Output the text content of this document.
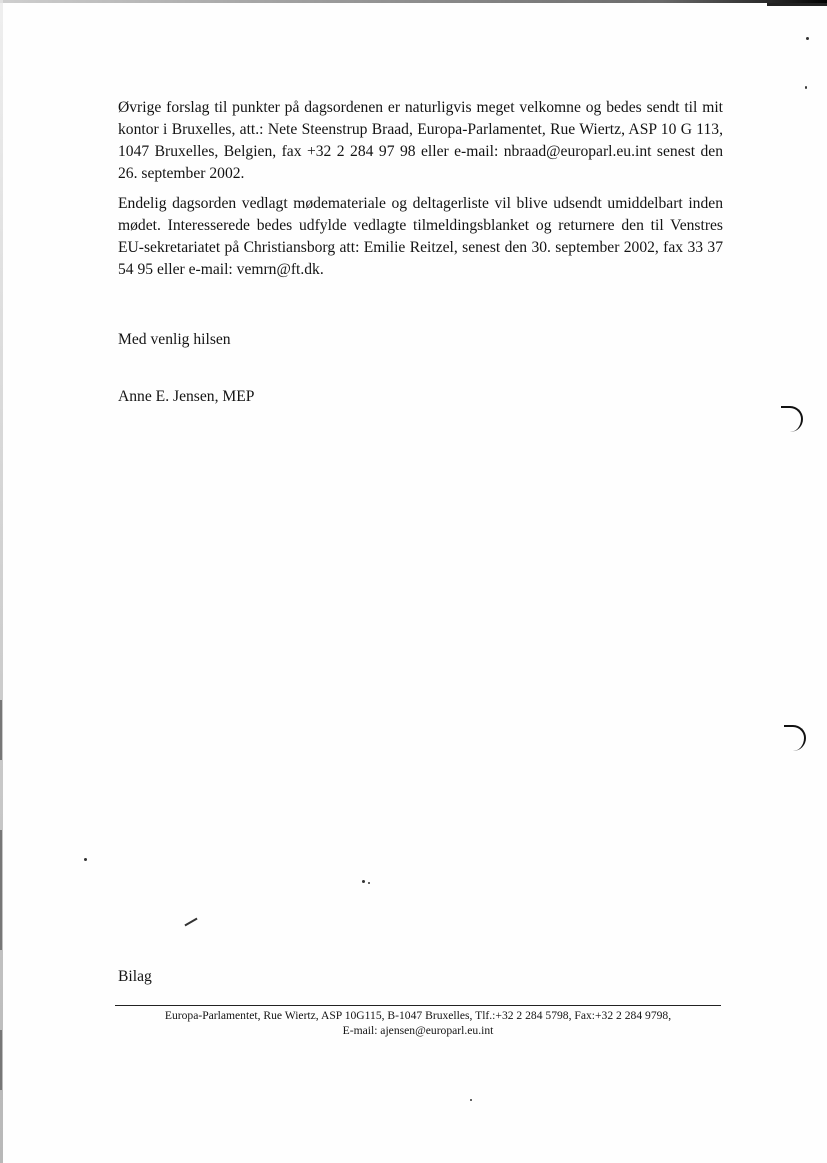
Øvrige forslag til punkter på dagsordenen er naturligvis meget velkomne og bedes sendt til mit kontor i Bruxelles, att.: Nete Steenstrup Braad, Europa-Parlamentet, Rue Wiertz, ASP 10 G 113, 1047 Bruxelles, Belgien, fax +32 2 284 97 98 eller e-mail: nbraad@europarl.eu.int senest den 26. september 2002.

Endelig dagsorden vedlagt mødemateriale og deltagerliste vil blive udsendt umiddelbart inden mødet. Interesserede bedes udfylde vedlagte tilmeldingsblanket og returnere den til Venstres EU-sekretariatet på Christiansborg att: Emilie Reitzel, senest den 30. september 2002, fax 33 37 54 95 eller e-mail: vemrn@ft.dk.

Med venlig hilsen

Anne E. Jensen, MEP

Bilag

Europa-Parlamentet, Rue Wiertz, ASP 10G115, B-1047 Bruxelles, Tlf.:+32 2 284 5798, Fax:+32 2 284 9798,
E-mail: ajensen@europarl.eu.int
